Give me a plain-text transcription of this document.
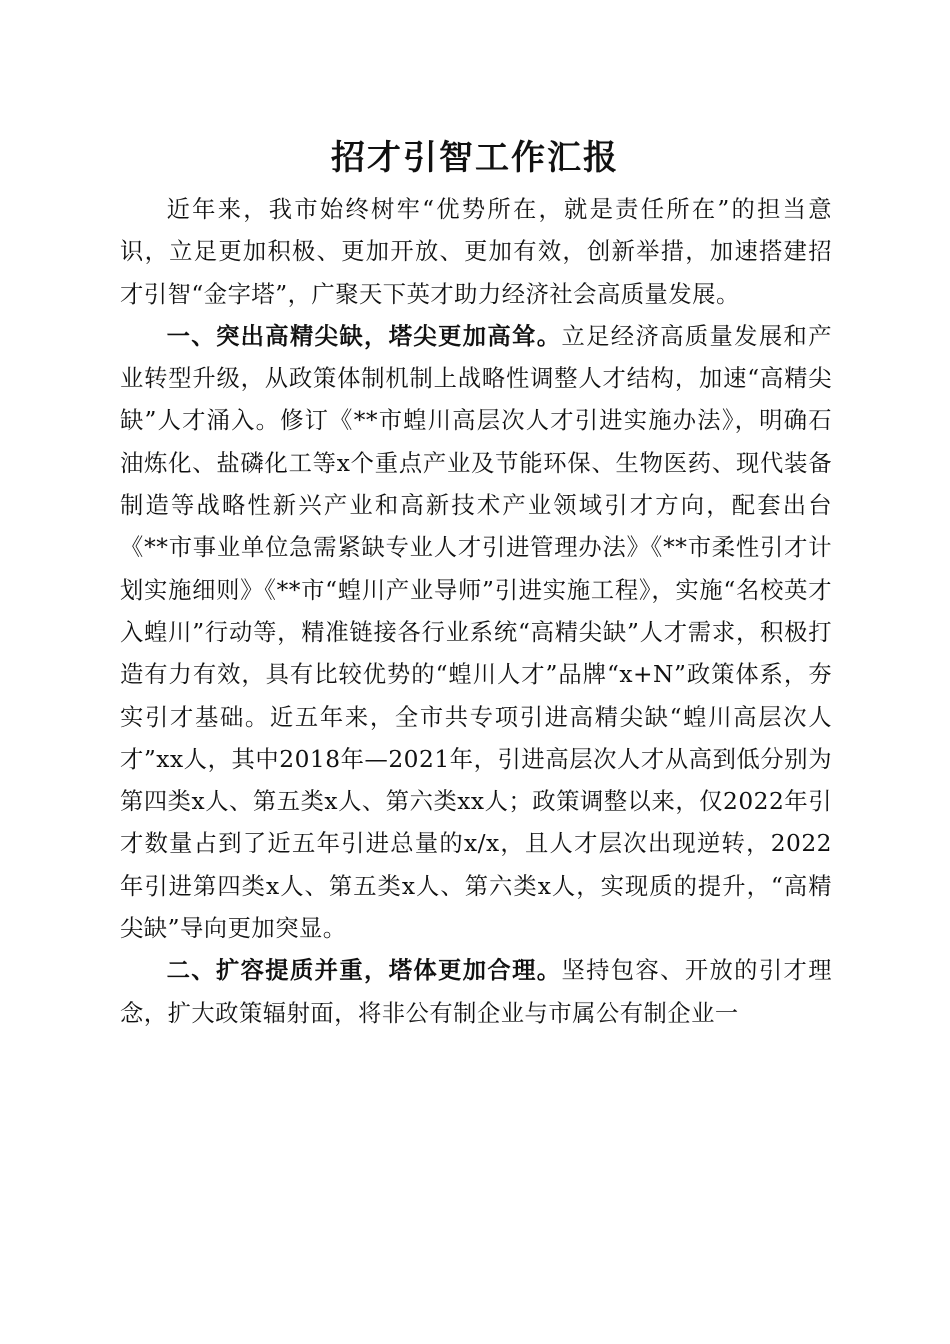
招才引智工作汇报

近年来，我市始终树牢“优势所在，就是责任所在”的担当意识，立足更加积极、更加开放、更加有效，创新举措，加速搭建招才引智“金字塔”，广聚天下英才助力经济社会高质量发展。

一、突出高精尖缺，塔尖更加高耸。立足经济高质量发展和产业转型升级，从政策体制机制上战略性调整人才结构，加速“高精尖缺”人才涌入。修订《**市蝗川高层次人才引进实施办法》，明确石油炼化、盐磷化工等x个重点产业及节能环保、生物医药、现代装备制造等战略性新兴产业和高新技术产业领域引才方向，配套出台《**市事业单位急需紧缺专业人才引进管理办法》《**市柔性引才计划实施细则》《**市“蝗川产业导师”引进实施工程》，实施“名校英才入蝗川”行动等，精准链接各行业系统“高精尖缺”人才需求，积极打造有力有效，具有比较优势的“蝗川人才”品牌“x+N”政策体系，夯实引才基础。近五年来，全市共专项引进高精尖缺“蝗川高层次人才”xx人，其中2018年—2021年，引进高层次人才从高到低分别为第四类x人、第五类x人、第六类xx人；政策调整以来，仅2022年引才数量占到了近五年引进总量的x/x，且人才层次出现逆转，2022年引进第四类x人、第五类x人、第六类x人，实现质的提升，“高精尖缺”导向更加突显。

二、扩容提质并重，塔体更加合理。坚持包容、开放的引才理念，扩大政策辐射面，将非公有制企业与市属公有制企业一
